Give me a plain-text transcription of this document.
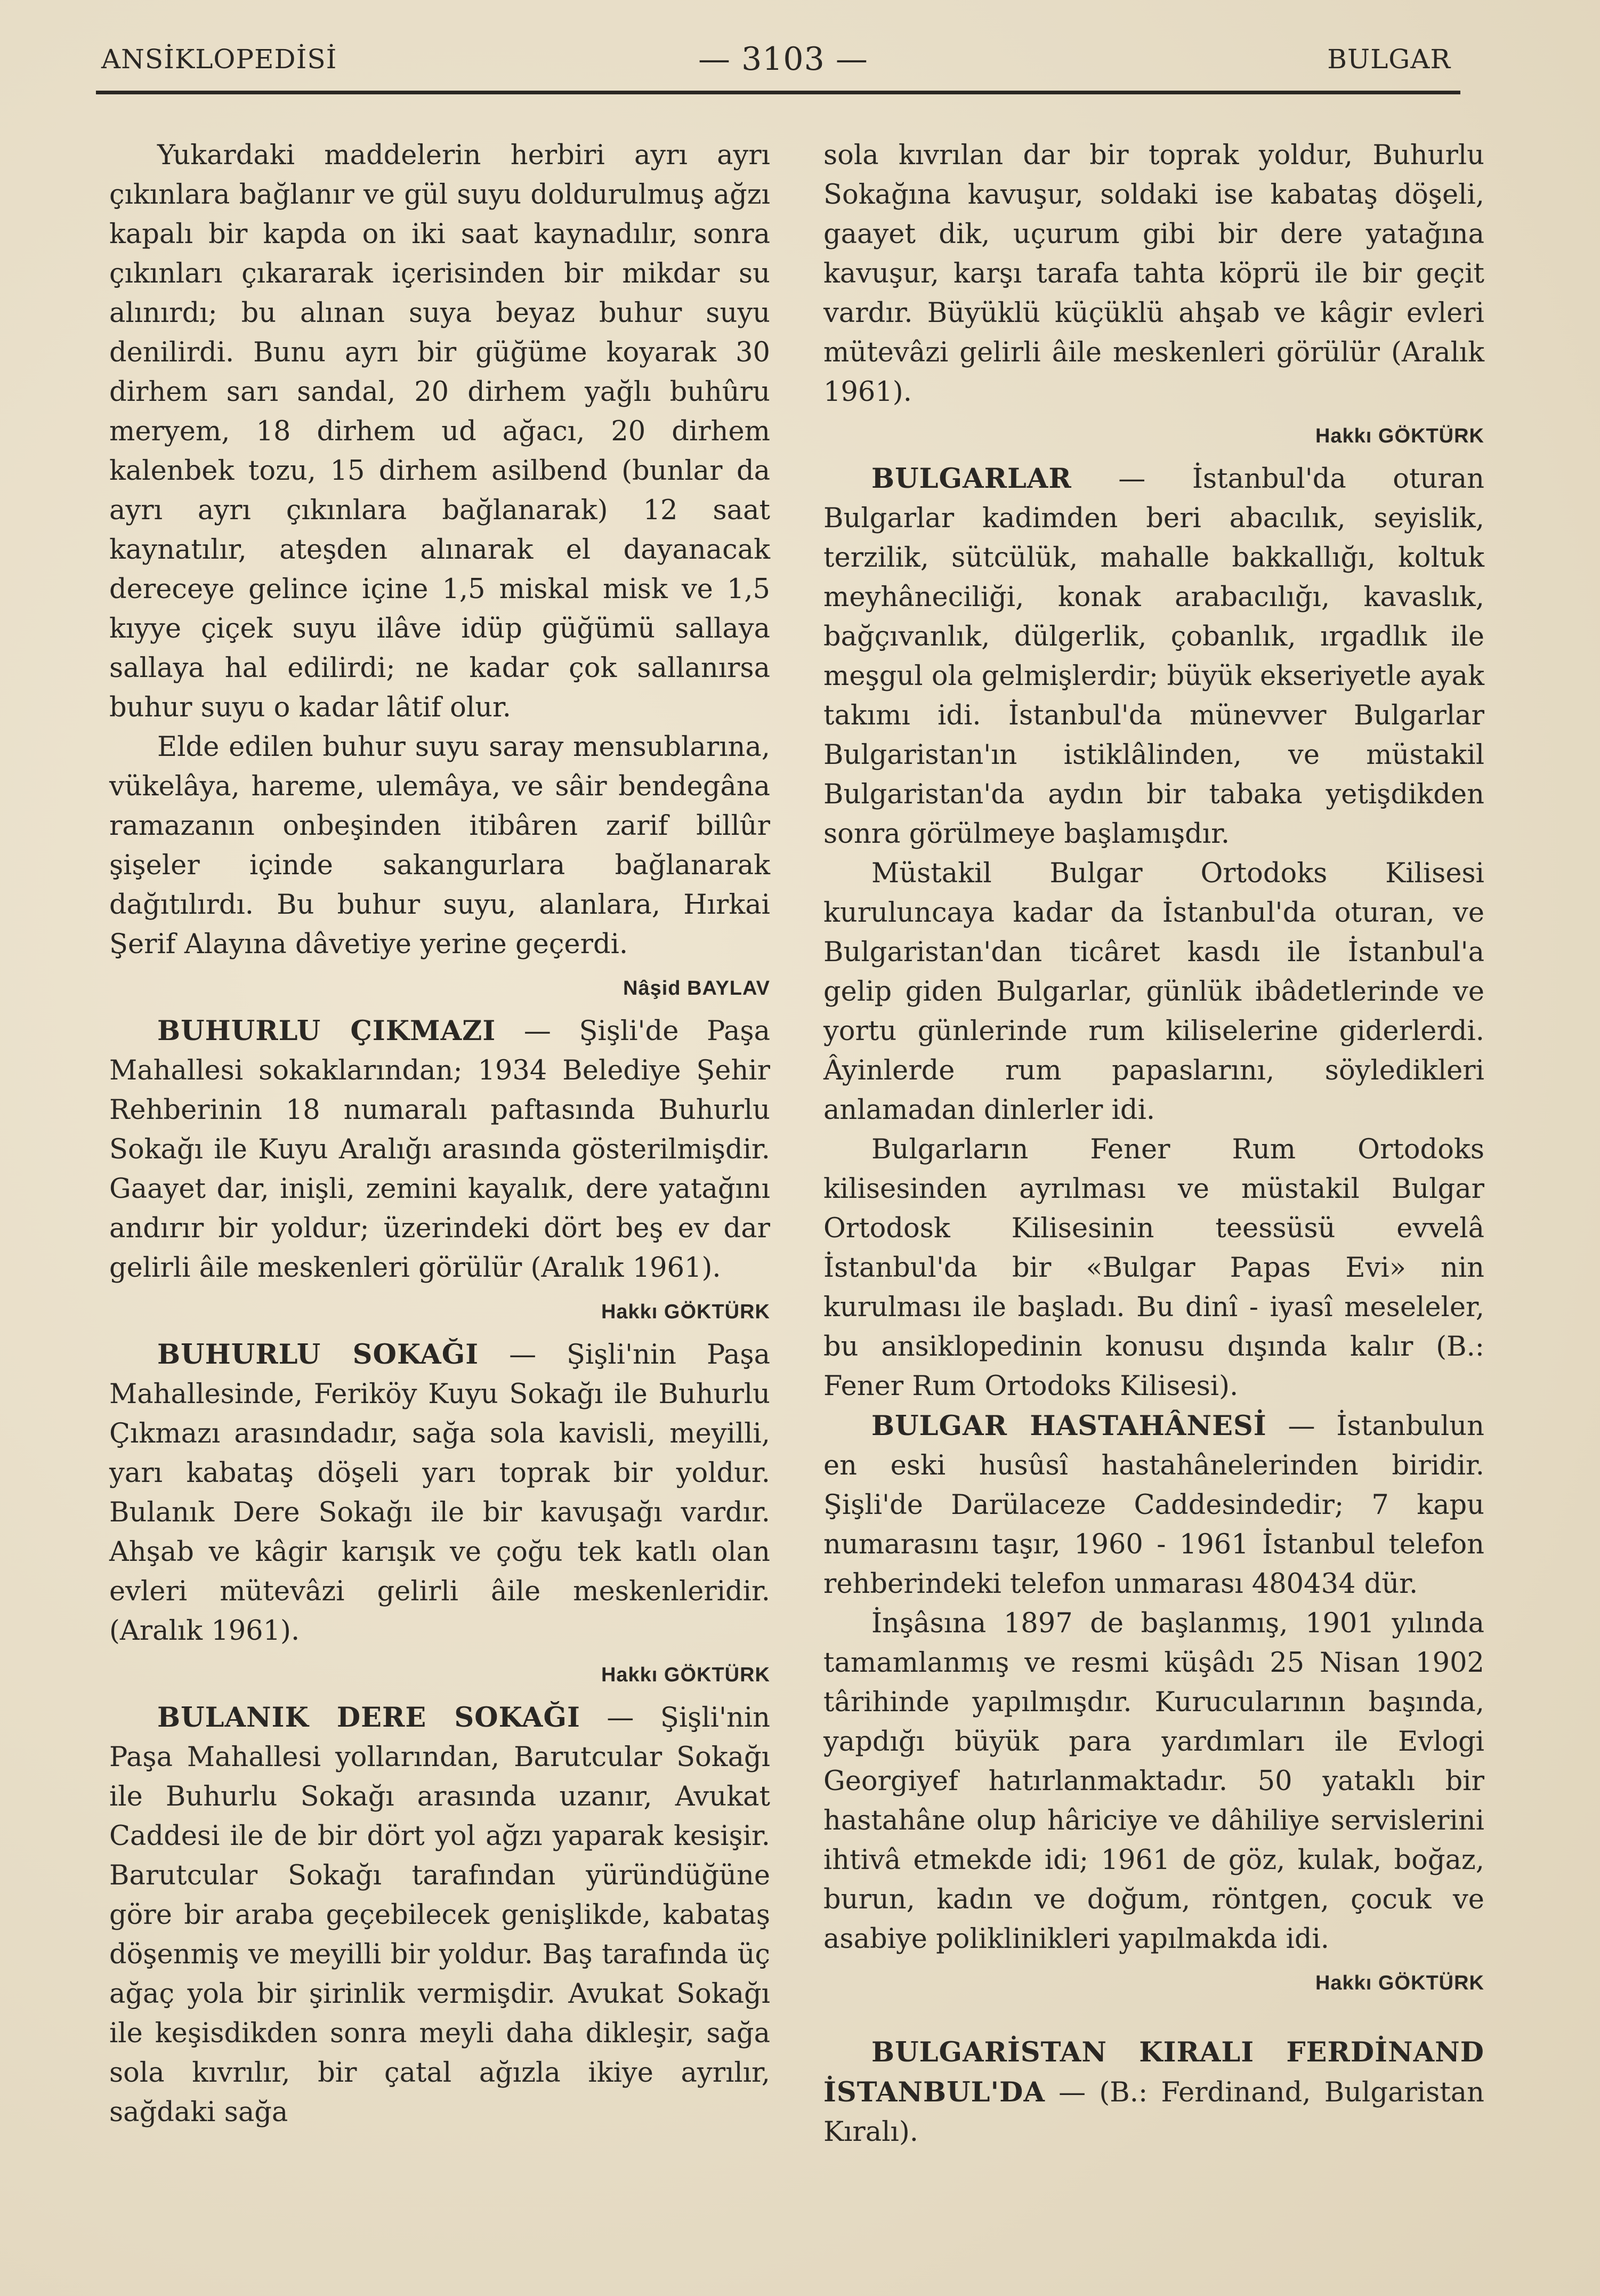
ANSİKLOPEDİSİ	— 3103 —	BULGAR

Yukardaki maddelerin herbiri ayrı ayrı çıkınlara bağlanır ve gül suyu doldurulmuş ağzı kapalı bir kapda on iki saat kaynadılır, sonra çıkınları çıkararak içerisinden bir mikdar su alınırdı; bu alınan suya beyaz buhur suyu denilirdi. Bunu ayrı bir güğüme koyarak 30 dirhem sarı sandal, 20 dirhem yağlı buhûru meryem, 18 dirhem ud ağacı, 20 dirhem kalenbek tozu, 15 dirhem asilbend (bunlar da ayrı ayrı çıkınlara bağlanarak) 12 saat kaynatılır, ateşden alınarak el dayanacak dereceye gelince içine 1,5 miskal misk ve 1,5 kıyye çiçek suyu ilâve idüp güğümü sallaya sallaya hal edilirdi; ne kadar çok sallanırsa buhur suyu o kadar lâtif olur.

Elde edilen buhur suyu saray mensublarına, vükelâya, hareme, ulemâya, ve sâir bendegâna ramazanın onbeşinden itibâren zarif billûr şişeler içinde sakangurlara bağlanarak dağıtılırdı. Bu buhur suyu, alanlara, Hırkai Şerif Alayına dâvetiye yerine geçerdi.

Nâşid BAYLAV

BUHURLU ÇIKMAZI — Şişli'de Paşa Mahallesi sokaklarından; 1934 Belediye Şehir Rehberinin 18 numaralı paftasında Buhurlu Sokağı ile Kuyu Aralığı arasında gösterilmişdir. Gaayet dar, inişli, zemini kayalık, dere yatağını andırır bir yoldur; üzerindeki dört beş ev dar gelirli âile meskenleri görülür (Aralık 1961).

Hakkı GÖKTÜRK

BUHURLU SOKAĞI — Şişli'nin Paşa Mahallesinde, Feriköy Kuyu Sokağı ile Buhurlu Çıkmazı arasındadır, sağa sola kavisli, meyilli, yarı kabataş döşeli yarı toprak bir yoldur. Bulanık Dere Sokağı ile bir kavuşağı vardır. Ahşab ve kâgir karışık ve çoğu tek katlı olan evleri mütevâzi gelirli âile meskenleridir. (Aralık 1961).

Hakkı GÖKTÜRK

BULANIK DERE SOKAĞI — Şişli'nin Paşa Mahallesi yollarından, Barutcular Sokağı ile Buhurlu Sokağı arasında uzanır, Avukat Caddesi ile de bir dört yol ağzı yaparak kesişir. Barutcular Sokağı tarafından yüründüğüne göre bir araba geçebilecek genişlikde, kabataş döşenmiş ve meyilli bir yoldur. Baş tarafında üç ağaç yola bir şirinlik vermişdir. Avukat Sokağı ile keşisdikden sonra meyli daha dikleşir, sağa sola kıvrılır, bir çatal ağızla ikiye ayrılır, sağdaki sağa

sola kıvrılan dar bir toprak yoldur, Buhurlu Sokağına kavuşur, soldaki ise kabataş döşeli, gaayet dik, uçurum gibi bir dere yatağına kavuşur, karşı tarafa tahta köprü ile bir geçit vardır. Büyüklü küçüklü ahşab ve kâgir evleri mütevâzi gelirli âile meskenleri görülür (Aralık 1961).

Hakkı GÖKTÜRK

BULGARLAR — İstanbul'da oturan Bulgarlar kadimden beri abacılık, seyislik, terzilik, sütcülük, mahalle bakkallığı, koltuk meyhâneciliği, konak arabacılığı, kavaslık, bağçıvanlık, dülgerlik, çobanlık, ırgadlık ile meşgul ola gelmişlerdir; büyük ekseriyetle ayak takımı idi. İstanbul'da münevver Bulgarlar Bulgaristan'ın istiklâlinden, ve müstakil Bulgaristan'da aydın bir tabaka yetişdikden sonra görülmeye başlamışdır.

Müstakil Bulgar Ortodoks Kilisesi kuruluncaya kadar da İstanbul'da oturan, ve Bulgaristan'dan ticâret kasdı ile İstanbul'a gelip giden Bulgarlar, günlük ibâdetlerinde ve yortu günlerinde rum kiliselerine giderlerdi. Âyinlerde rum papaslarını, söyledikleri anlamadan dinlerler idi.

Bulgarların Fener Rum Ortodoks kilisesinden ayrılması ve müstakil Bulgar Ortodosk Kilisesinin teessüsü evvelâ İstanbul'da bir «Bulgar Papas Evi» nin kurulması ile başladı. Bu dinî - iyasî meseleler, bu ansiklopedinin konusu dışında kalır (B.: Fener Rum Ortodoks Kilisesi).

BULGAR HASTAHÂNESİ — İstanbulun en eski husûsî hastahânelerinden biridir. Şişli'de Darülaceze Caddesindedir; 7 kapu numarasını taşır, 1960 - 1961 İstanbul telefon rehberindeki telefon unmarası 480434 dür.

İnşâsına 1897 de başlanmış, 1901 yılında tamamlanmış ve resmi küşâdı 25 Nisan 1902 târihinde yapılmışdır. Kurucularının başında, yapdığı büyük para yardımları ile Evlogi Georgiyef hatırlanmaktadır. 50 yataklı bir hastahâne olup hâriciye ve dâhiliye servislerini ihtivâ etmekde idi; 1961 de göz, kulak, boğaz, burun, kadın ve doğum, röntgen, çocuk ve asabiye poliklinikleri yapılmakda idi.

Hakkı GÖKTÜRK

BULGARİSTAN KIRALI FERDİNAND İSTANBUL'DA — (B.: Ferdinand, Bulgaristan Kıralı).
